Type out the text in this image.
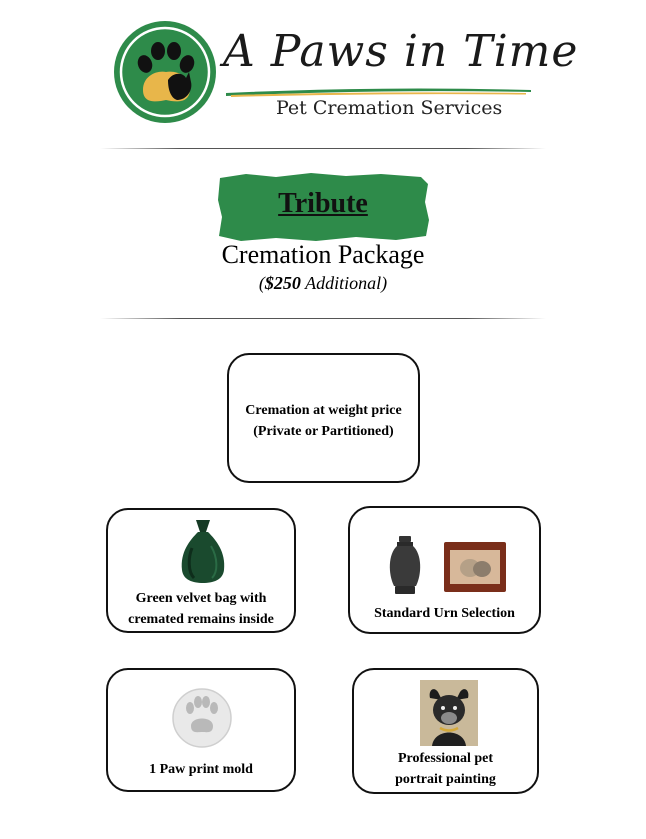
A Paws in Time
Pet Cremation Services
Tribute
Cremation Package
($250 Additional)
Cremation at weight price
(Private or Partitioned)
Green velvet bag with
cremated remains inside	Standard Urn Selection
1 Paw print mold
Professional pet
portrait painting
